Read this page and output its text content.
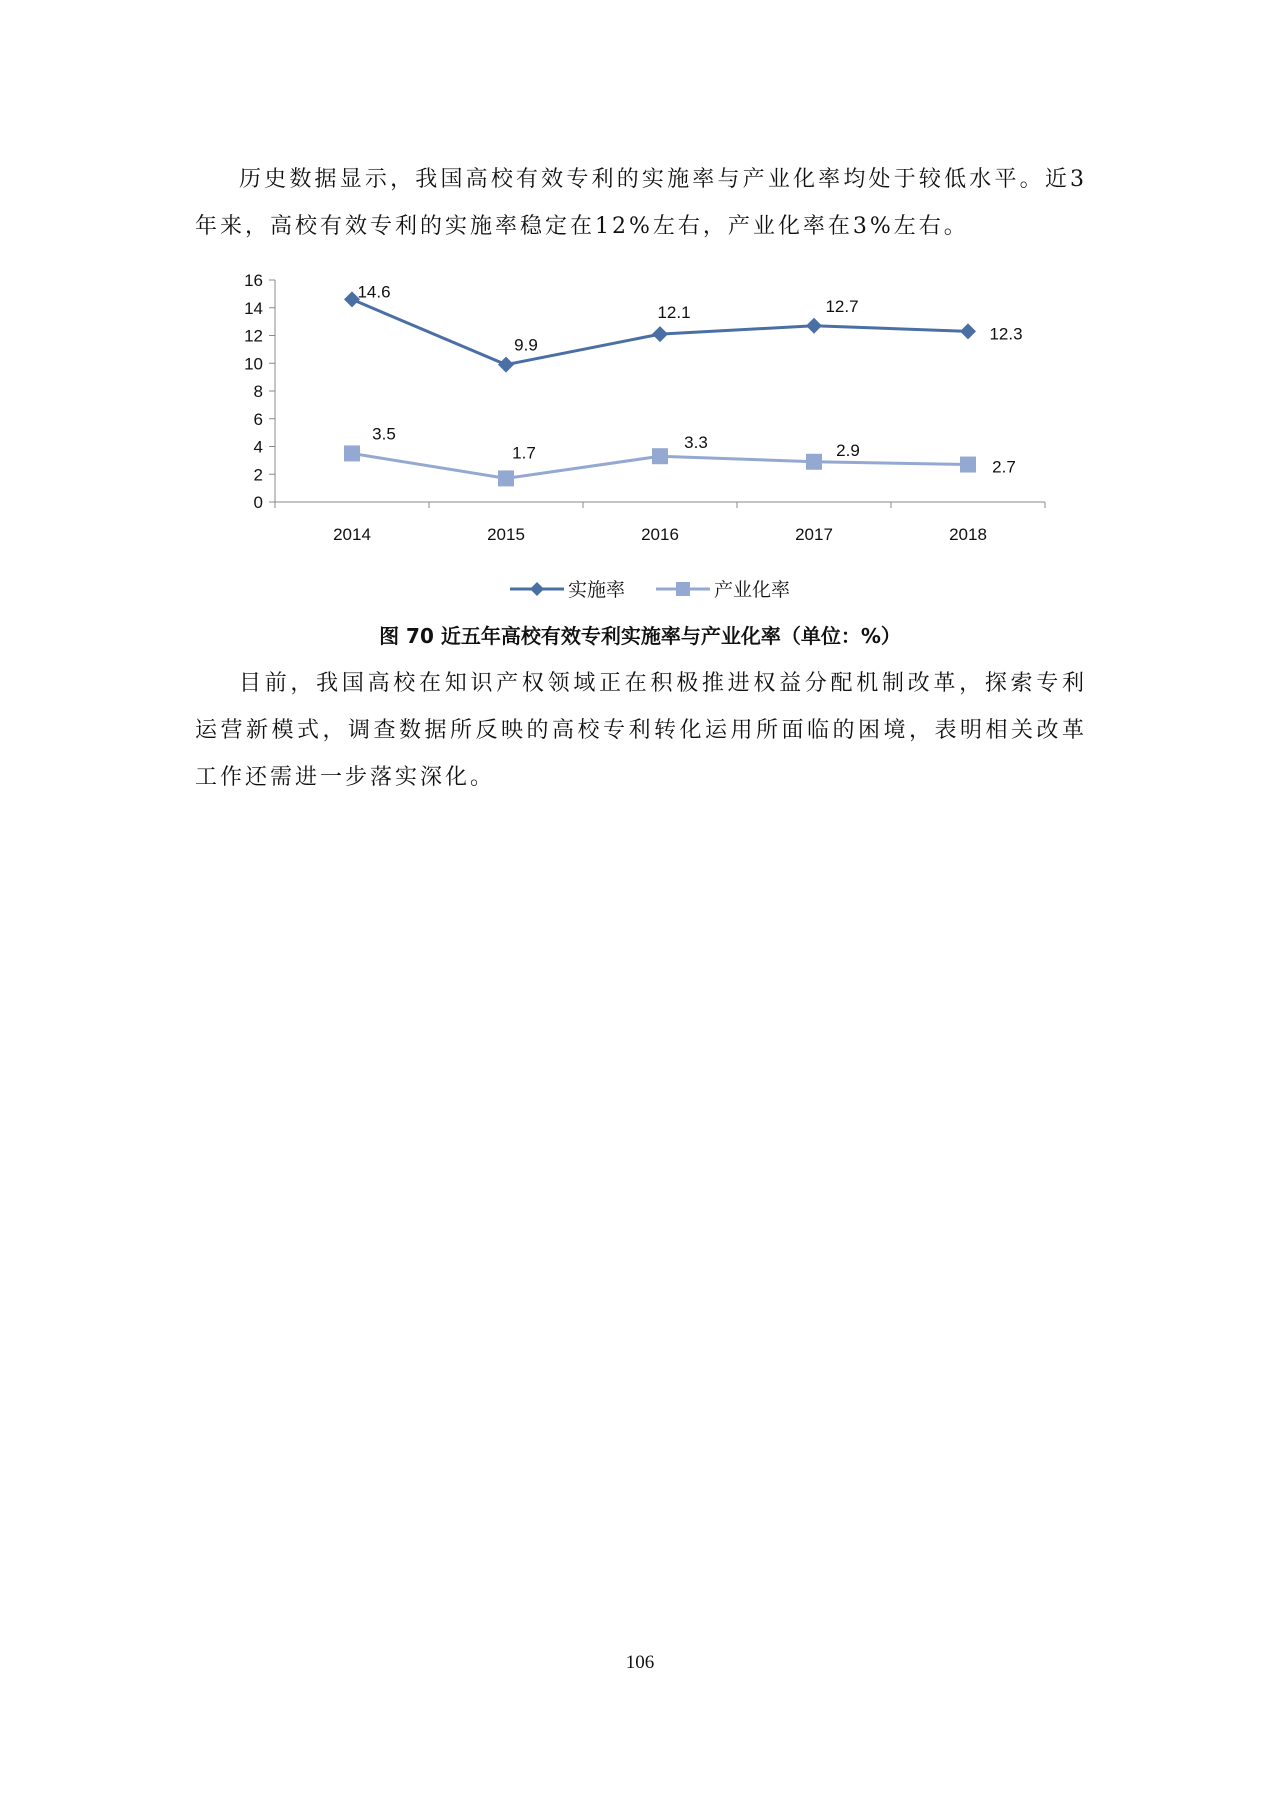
历史数据显示，我国高校有效专利的实施率与产业化率均处于较低水平。近3年来，高校有效专利的实施率稳定在12%左右，产业化率在3%左右。

0
2
4
6
8
10
12
14
16
2014	2015	2016	2017	2018
14.6
9.9
12.1	12.7
12.3
3.5
1.7
3.3	2.9
2.7
实施率	产业化率
图 70 近五年高校有效专利实施率与产业化率（单位：%）

目前，我国高校在知识产权领域正在积极推进权益分配机制改革，探索专利运营新模式，调查数据所反映的高校专利转化运用所面临的困境，表明相关改革工作还需进一步落实深化。

106
